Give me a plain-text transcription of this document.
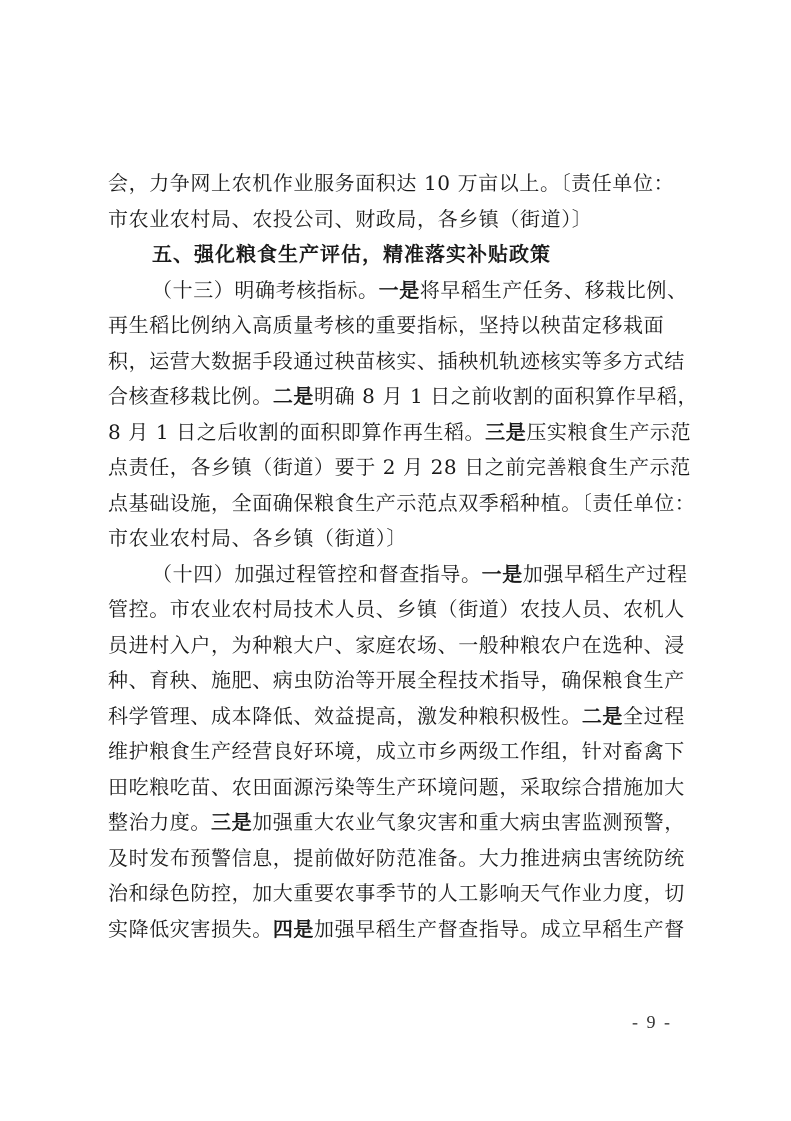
会，力争网上农机作业服务面积达 10 万亩以上。〔责任单位：
市农业农村局、农投公司、财政局，各乡镇（街道）〕
五、强化粮食生产评估，精准落实补贴政策
（十三）明确考核指标。一是将早稻生产任务、移栽比例、
再生稻比例纳入高质量考核的重要指标，坚持以秧苗定移栽面
积，运营大数据手段通过秧苗核实、插秧机轨迹核实等多方式结
合核查移栽比例。二是明确 8 月 1 日之前收割的面积算作早稻，
8 月 1 日之后收割的面积即算作再生稻。三是压实粮食生产示范
点责任，各乡镇（街道）要于 2 月 28 日之前完善粮食生产示范
点基础设施，全面确保粮食生产示范点双季稻种植。〔责任单位：
市农业农村局、各乡镇（街道）〕
（十四）加强过程管控和督查指导。一是加强早稻生产过程
管控。市农业农村局技术人员、乡镇（街道）农技人员、农机人
员进村入户，为种粮大户、家庭农场、一般种粮农户在选种、浸
种、育秧、施肥、病虫防治等开展全程技术指导，确保粮食生产
科学管理、成本降低、效益提高，激发种粮积极性。二是全过程
维护粮食生产经营良好环境，成立市乡两级工作组，针对畜禽下
田吃粮吃苗、农田面源污染等生产环境问题，采取综合措施加大
整治力度。三是加强重大农业气象灾害和重大病虫害监测预警，
及时发布预警信息，提前做好防范准备。大力推进病虫害统防统
治和绿色防控，加大重要农事季节的人工影响天气作业力度，切
实降低灾害损失。四是加强早稻生产督查指导。成立早稻生产督
- 9 -
